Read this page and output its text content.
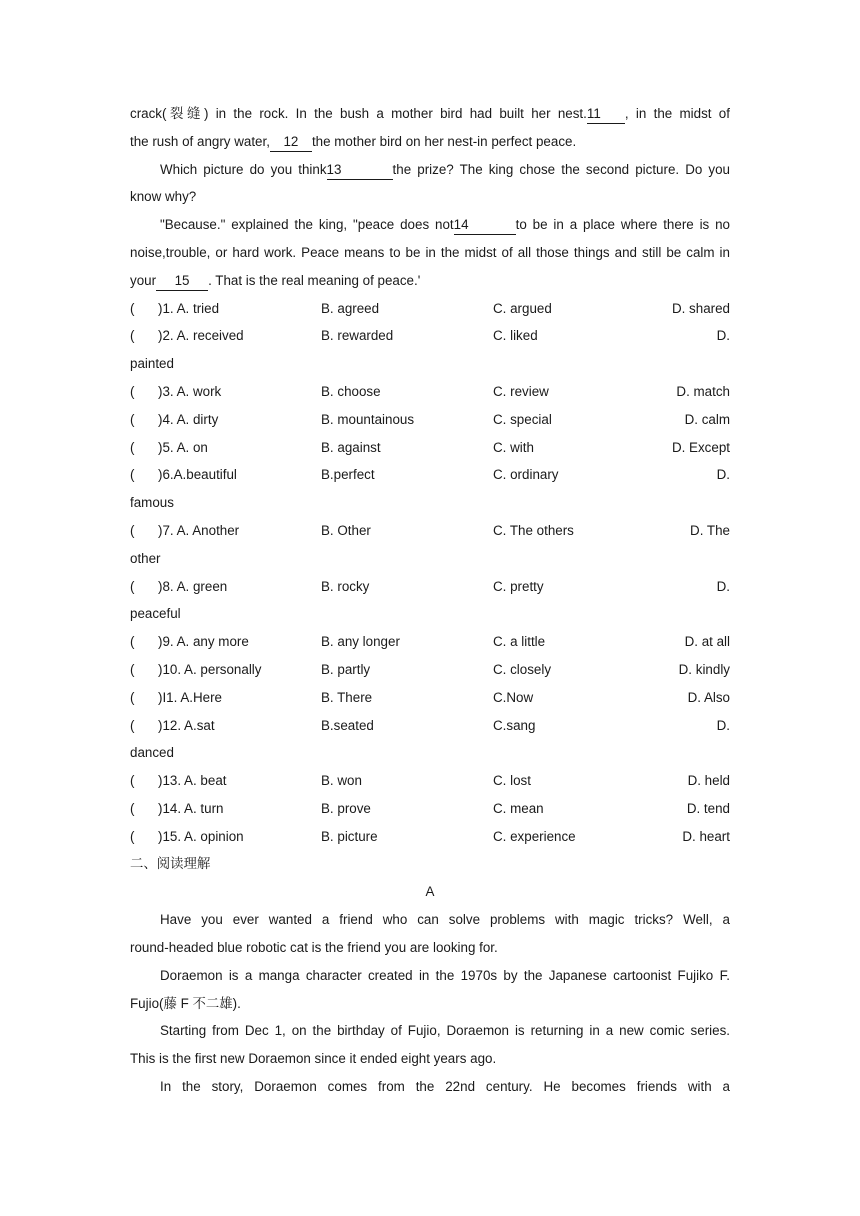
crack(裂缝) in the rock. In the bush a mother bird had built her nest.11 , in the midst of
the rush of angry water, 12 the mother bird on her nest-in perfect peace.
Which picture do you think13	the prize? The king chose the second picture. Do you
know why?
"Because." explained the king, "peace does not14	to be in a place where there is no
noise,trouble, or hard work. Peace means to be in the midst of all those things and still be calm in
your 15 . That is the real meaning of peace.'
( )1. A. tried	B. agreed	C. argued	D. shared
( )2. A. received	B. rewarded	C. liked	D.
painted
( )3. A. work	B. choose	C. review	D. match
( )4. A. dirty	B. mountainous	C. special	D. calm
( )5. A. on	B. against	C. with	D. Except
( )6.A.beautiful	B.perfect	C. ordinary	D.
famous
( )7. A. Another	B. Other	C. The others	D. The
other
( )8. A. green	B. rocky	C. pretty	D.
peaceful
( )9. A. any more	B. any longer	C. a little	D. at all
( )10. A. personally	B. partly	C. closely	D. kindly
( )I1. A.Here	B. There	C.Now	D. Also
( )12. A.sat	B.seated	C.sang	D.
danced
( )13. A. beat	B. won	C. lost	D. held
( )14. A. turn	B. prove	C. mean	D. tend
( )15. A. opinion	B. picture	C. experience	D. heart
二、阅读理解
A
Have you ever wanted a friend who can solve problems with magic tricks? Well, a
round-headed blue robotic cat is the friend you are looking for.
Doraemon is a manga character created in the 1970s by the Japanese cartoonist Fujiko F.
Fujio(藤 F 不二雄).
Starting from Dec 1, on the birthday of Fujio, Doraemon is returning in a new comic series.
This is the first new Doraemon since it ended eight years ago.
In the story, Doraemon comes from the 22nd century. He becomes friends with a
